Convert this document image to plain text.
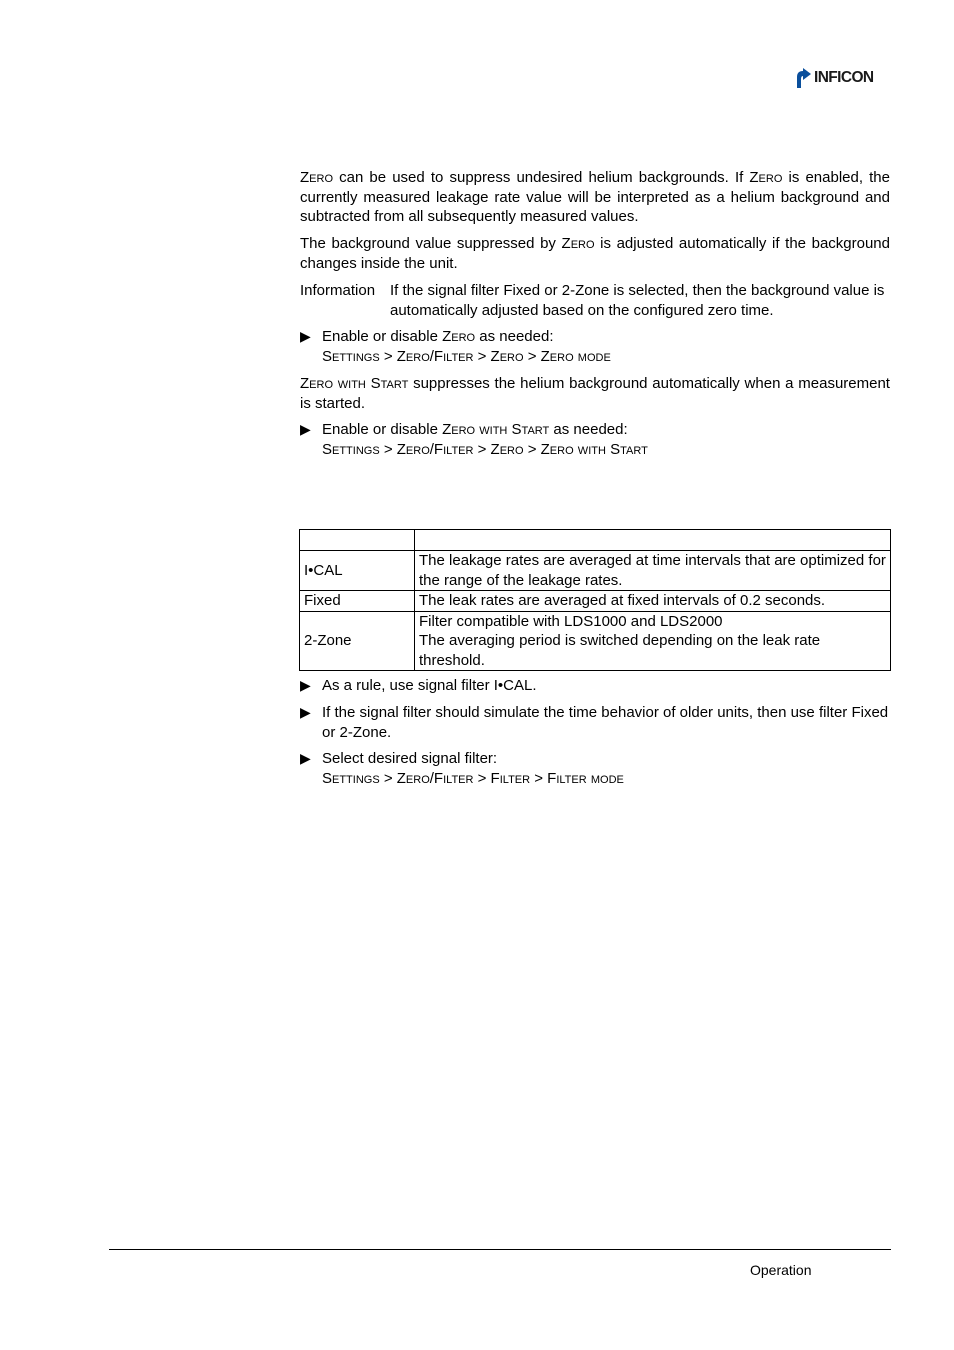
INFICON

Zero can be used to suppress undesired helium backgrounds. If Zero is enabled, the currently measured leakage rate value will be interpreted as a helium background and subtracted from all subsequently measured values.

The background value suppressed by Zero is adjusted automatically if the background changes inside the unit.

Information If the signal filter Fixed or 2-Zone is selected, then the background value is automatically adjusted based on the configured zero time.
▶ Enable or disable Zero as needed:
Settings > Zero/Filter > Zero > Zero mode

Zero with Start suppresses the helium background automatically when a measurement is started.

▶ Enable or disable Zero with Start as needed:
Settings > Zero/Filter > Zero > Zero with Start

I•CAL	The leakage rates are averaged at time intervals that are optimized for the range of the leakage rates.
Fixed	The leak rates are averaged at fixed intervals of 0.2 seconds.
2-Zone	Filter compatible with LDS1000 and LDS2000
The averaging period is switched depending on the leak rate threshold.
▶ As a rule, use signal filter I•CAL.
▶ If the signal filter should simulate the time behavior of older units, then use filter Fixed or 2-Zone.
▶ Select desired signal filter:
Settings > Zero/Filter > Filter > Filter mode
Operation
